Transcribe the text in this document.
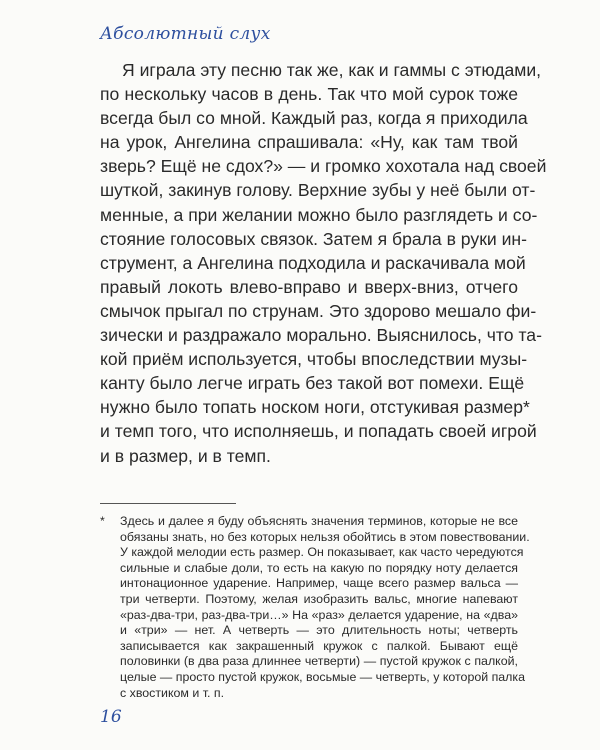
Абсолютный слух
Я играла эту песню так же, как и гаммы с этюдами,
по нескольку часов в день. Так что мой сурок тоже
всегда был со мной. Каждый раз, когда я приходила
на урок, Ангелина спрашивала: «Ну, как там твой
зверь? Ещё не сдох?» — и громко хохотала над своей
шуткой, закинув голову. Верхние зубы у неё были от-
менные, а при желании можно было разглядеть и со-
стояние голосовых связок. Затем я брала в руки ин-
струмент, а Ангелина подходила и раскачивала мой
правый локоть влево-вправо и вверх-вниз, отчего
смычок прыгал по струнам. Это здорово мешало фи-
зически и раздражало морально. Выяснилось, что та-
кой приём используется, чтобы впоследствии музы-
канту было легче играть без такой вот помехи. Ещё
нужно было топать носком ноги, отстукивая размер*
и темп того, что исполняешь, и попадать своей игрой
и в размер, и в темп.
* Здесь и далее я буду объяснять значения терминов, которые не все
обязаны знать, но без которых нельзя обойтись в этом повествовании.
У каждой мелодии есть размер. Он показывает, как часто чередуются
сильные и слабые доли, то есть на какую по порядку ноту делается
интонационное ударение. Например, чаще всего размер вальса —
три четверти. Поэтому, желая изобразить вальс, многие напевают
«раз-два-три, раз-два-три…» На «раз» делается ударение, на «два»
и «три» — нет. А четверть — это длительность ноты; четверть
записывается как закрашенный кружок с палкой. Бывают ещё
половинки (в два раза длиннее четверти) — пустой кружок с палкой,
целые — просто пустой кружок, восьмые — четверть, у которой палка
с хвостиком и т. п.
16
